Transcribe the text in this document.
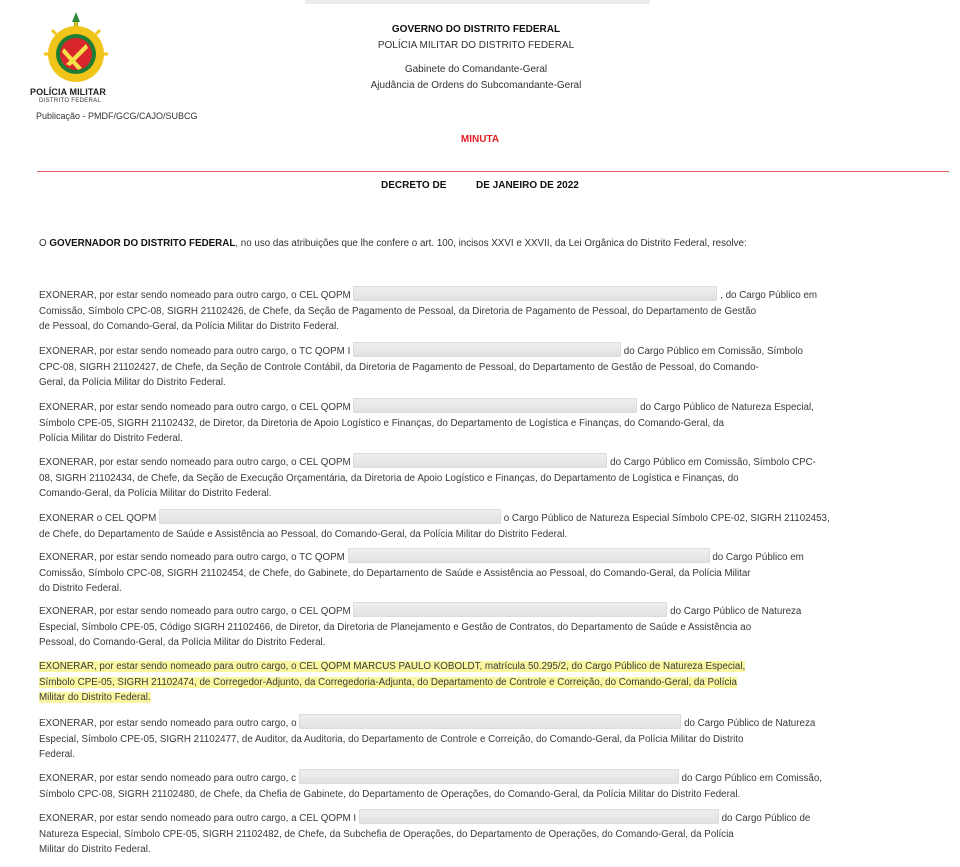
POLÍCIA MILITAR
DISTRITO FEDERAL
Publicação - PMDF/GCG/CAJO/SUBCG
GOVERNO DO DISTRITO FEDERAL
POLÍCIA MILITAR DO DISTRITO FEDERAL
Gabinete do Comandante-Geral
Ajudância de Ordens do Subcomandante-Geral
MINUTA
DECRETO DE	DE JANEIRO DE 2022
O GOVERNADOR DO DISTRITO FEDERAL, no uso das atribuições que lhe confere o art. 100, incisos XXVI e XXVII, da Lei Orgânica do Distrito Federal, resolve:
EXONERAR, por estar sendo nomeado para outro cargo, o CEL QOPM	, do Cargo Público em
Comissão, Símbolo CPC-08, SIGRH 21102426, de Chefe, da Seção de Pagamento de Pessoal, da Diretoria de Pagamento de Pessoal, do Departamento de Gestão
de Pessoal, do Comando-Geral, da Polícia Militar do Distrito Federal.
EXONERAR, por estar sendo nomeado para outro cargo, o TC QOPM I	do Cargo Público em Comissão, Símbolo
CPC-08, SIGRH 21102427, de Chefe, da Seção de Controle Contábil, da Diretoria de Pagamento de Pessoal, do Departamento de Gestão de Pessoal, do Comando-
Geral, da Polícia Militar do Distrito Federal.
EXONERAR, por estar sendo nomeado para outro cargo, o CEL QOPM	do Cargo Público de Natureza Especial,
Símbolo CPE-05, SIGRH 21102432, de Diretor, da Diretoria de Apoio Logístico e Finanças, do Departamento de Logística e Finanças, do Comando-Geral, da
Polícia Militar do Distrito Federal.
EXONERAR, por estar sendo nomeado para outro cargo, o CEL QOPM	do Cargo Público em Comissão, Símbolo CPC-
08, SIGRH 21102434, de Chefe, da Seção de Execução Orçamentária, da Diretoria de Apoio Logístico e Finanças, do Departamento de Logística e Finanças, do
Comando-Geral, da Polícia Militar do Distrito Federal.
EXONERAR o CEL QOPM	o Cargo Público de Natureza Especial Símbolo CPE-02, SIGRH 21102453,
de Chefe, do Departamento de Saúde e Assistência ao Pessoal, do Comando-Geral, da Polícia Militar do Distrito Federal.
EXONERAR, por estar sendo nomeado para outro cargo, o TC QOPM	do Cargo Público em
Comissão, Símbolo CPC-08, SIGRH 21102454, de Chefe, do Gabinete, do Departamento de Saúde e Assistência ao Pessoal, do Comando-Geral, da Polícia Militar
do Distrito Federal.
EXONERAR, por estar sendo nomeado para outro cargo, o CEL QOPM	do Cargo Público de Natureza
Especial, Símbolo CPE-05, Código SIGRH 21102466, de Diretor, da Diretoria de Planejamento e Gestão de Contratos, do Departamento de Saúde e Assistência ao
Pessoal, do Comando-Geral, da Polícia Militar do Distrito Federal.
EXONERAR, por estar sendo nomeado para outro cargo, o CEL QOPM MARCUS PAULO KOBOLDT, matrícula 50.295/2, do Cargo Público de Natureza Especial,
Símbolo CPE-05, SIGRH 21102474, de Corregedor-Adjunto, da Corregedoria-Adjunta, do Departamento de Controle e Correição, do Comando-Geral, da Polícia
Militar do Distrito Federal.
EXONERAR, por estar sendo nomeado para outro cargo, o	do Cargo Público de Natureza
Especial, Símbolo CPE-05, SIGRH 21102477, de Auditor, da Auditoria, do Departamento de Controle e Correição, do Comando-Geral, da Polícia Militar do Distrito
Federal.
EXONERAR, por estar sendo nomeado para outro cargo, c	do Cargo Público em Comissão,
Símbolo CPC-08, SIGRH 21102480, de Chefe, da Chefia de Gabinete, do Departamento de Operações, do Comando-Geral, da Polícia Militar do Distrito Federal.
EXONERAR, por estar sendo nomeado para outro cargo, a CEL QOPM I	do Cargo Público de
Natureza Especial, Símbolo CPE-05, SIGRH 21102482, de Chefe, da Subchefia de Operações, do Departamento de Operações, do Comando-Geral, da Polícia
Militar do Distrito Federal.
